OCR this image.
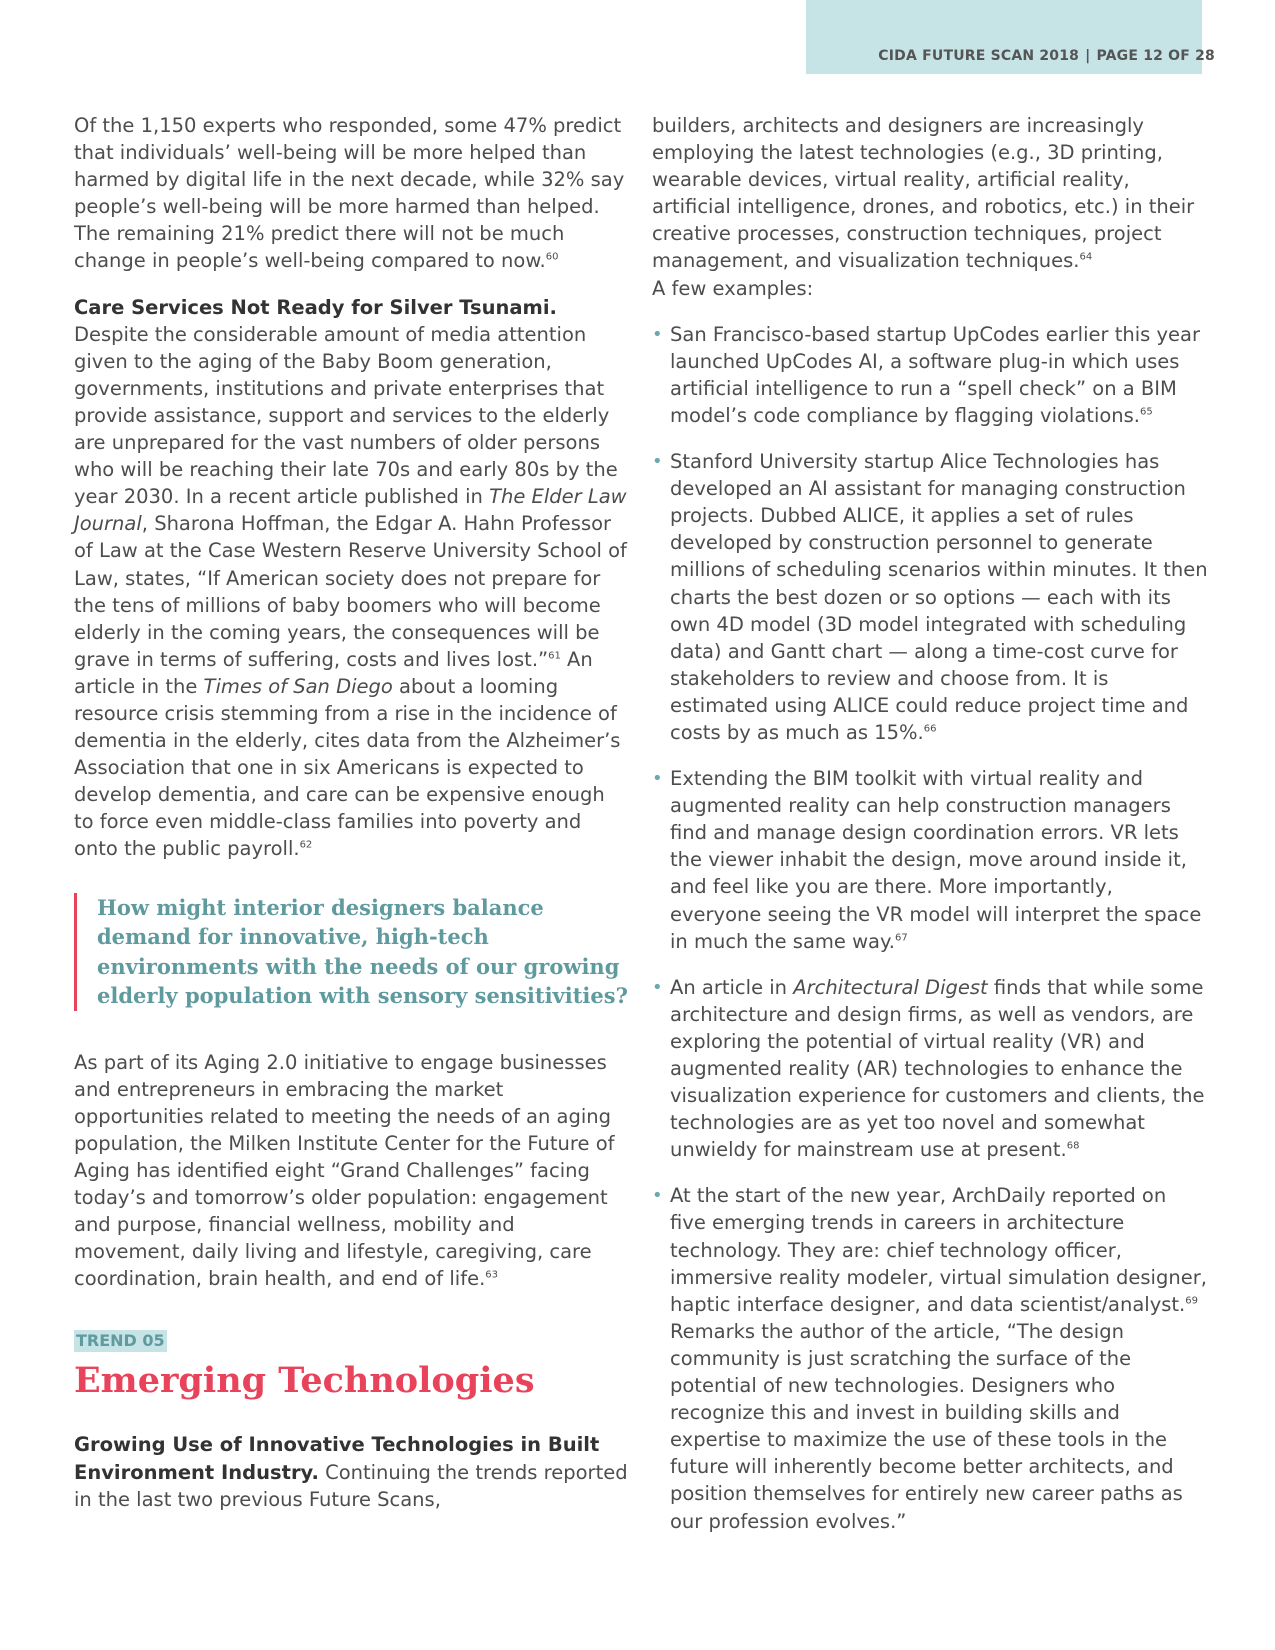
CIDA FUTURE SCAN 2018 | PAGE 12 OF 28

Of the 1,150 experts who responded, some 47% predict that individuals’ well-being will be more helped than harmed by digital life in the next decade, while 32% say people’s well-being will be more harmed than helped. The remaining 21% predict there will not be much change in people’s well-being compared to now.$^{60}$

Care Services Not Ready for Silver Tsunami.
Despite the considerable amount of media attention given to the aging of the Baby Boom generation, governments, institutions and private enterprises that provide assistance, support and services to the elderly are unprepared for the vast numbers of older persons who will be reaching their late 70s and early 80s by the year 2030. In a recent article published in The Elder Law Journal, Sharona Hoffman, the Edgar A. Hahn Professor of Law at the Case Western Reserve University School of Law, states, “If American society does not prepare for the tens of millions of baby boomers who will become elderly in the coming years, the consequences will be grave in terms of suffering, costs and lives lost.”$^{61}$ An article in the Times of San Diego about a looming resource crisis stemming from a rise in the incidence of dementia in the elderly, cites data from the Alzheimer’s Association that one in six Americans is expected to develop dementia, and care can be expensive enough to force even middle-class families into poverty and onto the public payroll.$^{62}$

How might interior designers balance demand for innovative, high-tech environments with the needs of our growing elderly population with sensory sensitivities?

As part of its Aging 2.0 initiative to engage businesses and entrepreneurs in embracing the market opportunities related to meeting the needs of an aging population, the Milken Institute Center for the Future of Aging has identified eight “Grand Challenges” facing today’s and tomorrow’s older population: engagement and purpose, financial wellness, mobility and movement, daily living and lifestyle, caregiving, care coordination, brain health, and end of life.$^{63}$

TREND 05
Emerging Technologies

Growing Use of Innovative Technologies in Built Environment Industry. Continuing the trends reported in the last two previous Future Scans,

builders, architects and designers are increasingly employing the latest technologies (e.g., 3D printing, wearable devices, virtual reality, artificial reality, artificial intelligence, drones, and robotics, etc.) in their creative processes, construction techniques, project management, and visualization techniques.$^{64}$
A few examples:

• San Francisco-based startup UpCodes earlier this year launched UpCodes AI, a software plug-in which uses artificial intelligence to run a “spell check” on a BIM model’s code compliance by flagging violations.$^{65}$
• Stanford University startup Alice Technologies has developed an AI assistant for managing construction projects. Dubbed ALICE, it applies a set of rules developed by construction personnel to generate millions of scheduling scenarios within minutes. It then charts the best dozen or so options — each with its own 4D model (3D model integrated with scheduling data) and Gantt chart — along a time-cost curve for stakeholders to review and choose from. It is estimated using ALICE could reduce project time and costs by as much as 15%.$^{66}$
• Extending the BIM toolkit with virtual reality and augmented reality can help construction managers find and manage design coordination errors. VR lets the viewer inhabit the design, move around inside it, and feel like you are there. More importantly, everyone seeing the VR model will interpret the space in much the same way.$^{67}$
• An article in Architectural Digest finds that while some architecture and design firms, as well as vendors, are exploring the potential of virtual reality (VR) and augmented reality (AR) technologies to enhance the visualization experience for customers and clients, the technologies are as yet too novel and somewhat unwieldy for mainstream use at present.$^{68}$
• At the start of the new year, ArchDaily reported on five emerging trends in careers in architecture technology. They are: chief technology officer, immersive reality modeler, virtual simulation designer, haptic interface designer, and data scientist/analyst.$^{69}$ Remarks the author of the article, “The design community is just scratching the surface of the potential of new technologies. Designers who recognize this and invest in building skills and expertise to maximize the use of these tools in the future will inherently become better architects, and position themselves for entirely new career paths as our profession evolves.”
